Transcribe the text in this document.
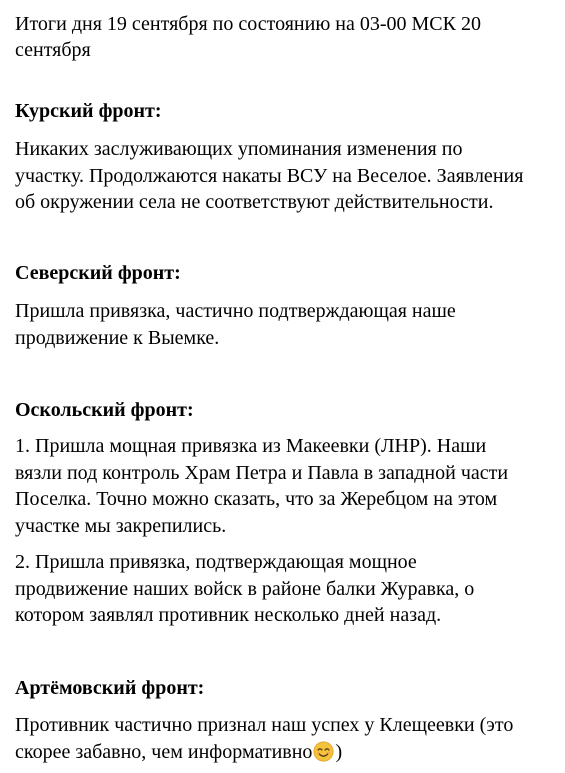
Итоги дня 19 сентября по состоянию на 03-00 МСК 20
сентября
Курский фронт:
Никаких заслуживающих упоминания изменения по
участку. Продолжаются накаты ВСУ на Веселое. Заявления
об окружении села не соответствуют действительности.
Северский фронт:
Пришла привязка, частично подтверждающая наше
продвижение к Выемке.
Оскольский фронт:
1. Пришла мощная привязка из Макеевки (ЛНР). Наши
вязли под контроль Храм Петра и Павла в западной части
Поселка. Точно можно сказать, что за Жеребцом на этом
участке мы закрепились.
2. Пришла привязка, подтверждающая мощное
продвижение наших войск в районе балки Журавка, о
котором заявлял противник несколько дней назад.
Артёмовский фронт:
Противник частично признал наш успех у Клещеевки (это
скорее забавно, чем информативно )
